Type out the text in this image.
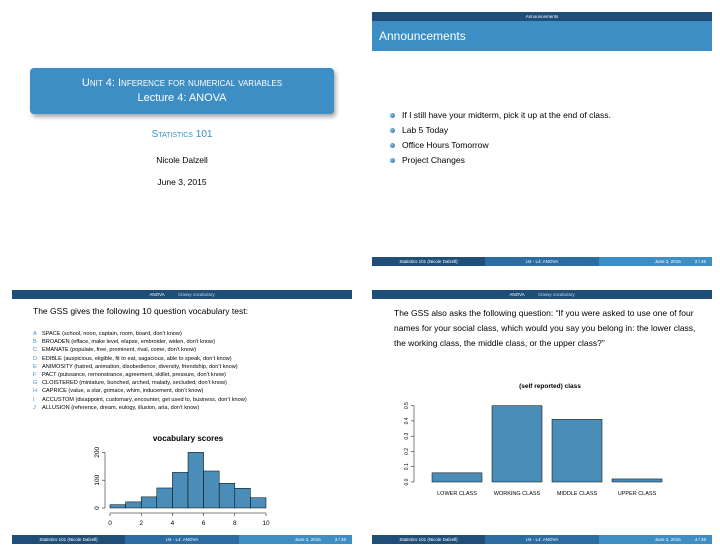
Unit 4: Inference for numerical variables
Lecture 4: ANOVA
Statistics 101
Nicole Dalzell
June 3, 2015
Announcements
Announcements
If I still have your midterm, pick it up at the end of class.
Lab 5 Today
Office Hours Tomorrow
Project Changes
Statistics 101 (Nicole Dalzell)	U4 - L4: ANOVA	June 3, 2015	2 / 46
ANOVA	Classy vocabulary
The GSS gives the following 10 question vocabulary test:
A SPACE (school, noon, captain, room, board, don’t know)
B BROADEN (efface, make level, elapse, embroider, widen, don’t know)
C EMANATE (populate, free, prominent, rival, come, don’t know)
D EDIBLE (auspicious, eligible, fit to eat, sagacious, able to speak, don’t know)
E ANIMOSITY (hatred, animation, disobedience, diversity, friendship, don’t know)
F PACT (puissance, remonstrance, agreement, skillet, pressure, don’t know)
G CLOISTERED (miniature, bunched, arched, malady, secluded, don’t know)
H CAPRICE (value, a star, grimace, whim, inducement, don’t know)
I ACCUSTOM (disappoint, customary, encounter, get used to, business, don’t know)
J ALLUSION (reference, dream, eulogy, illusion, aria, don’t know)
vocabulary scores
0	2	4	6	8	10
0
100
200
Statistics 101 (Nicole Dalzell)	U4 - L4: ANOVA	June 3, 2015	3 / 46
ANOVA	Classy vocabulary
The GSS also asks the following question: “If you were asked to use one of four names for your social class, which would you say you belong in: the lower class, the working class, the middle class, or the upper class?”
(self reported) class
LOWER CLASS	WORKING CLASS	MIDDLE CLASS	UPPER CLASS
0.0
0.1
0.2
0.3
0.4
0.5
Statistics 101 (Nicole Dalzell)	U4 - L4: ANOVA	June 3, 2015	4 / 46
